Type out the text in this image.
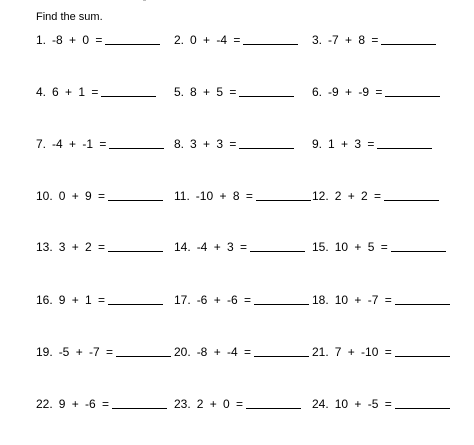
Find the sum.
1. -8 + 0 =	2. 0 + -4 =	3. -7 + 8 =
4. 6 + 1 =	5. 8 + 5 =	6. -9 + -9 =
7. -4 + -1 =	8. 3 + 3 =	9. 1 + 3 =
10. 0 + 9 =	11. -10 + 8 =	12. 2 + 2 =
13. 3 + 2 =	14. -4 + 3 =	15. 10 + 5 =
16. 9 + 1 =	17. -6 + -6 =	18. 10 + -7 =
19. -5 + -7 =	20. -8 + -4 =	21. 7 + -10 =
22. 9 + -6 =	23. 2 + 0 =	24. 10 + -5 =
